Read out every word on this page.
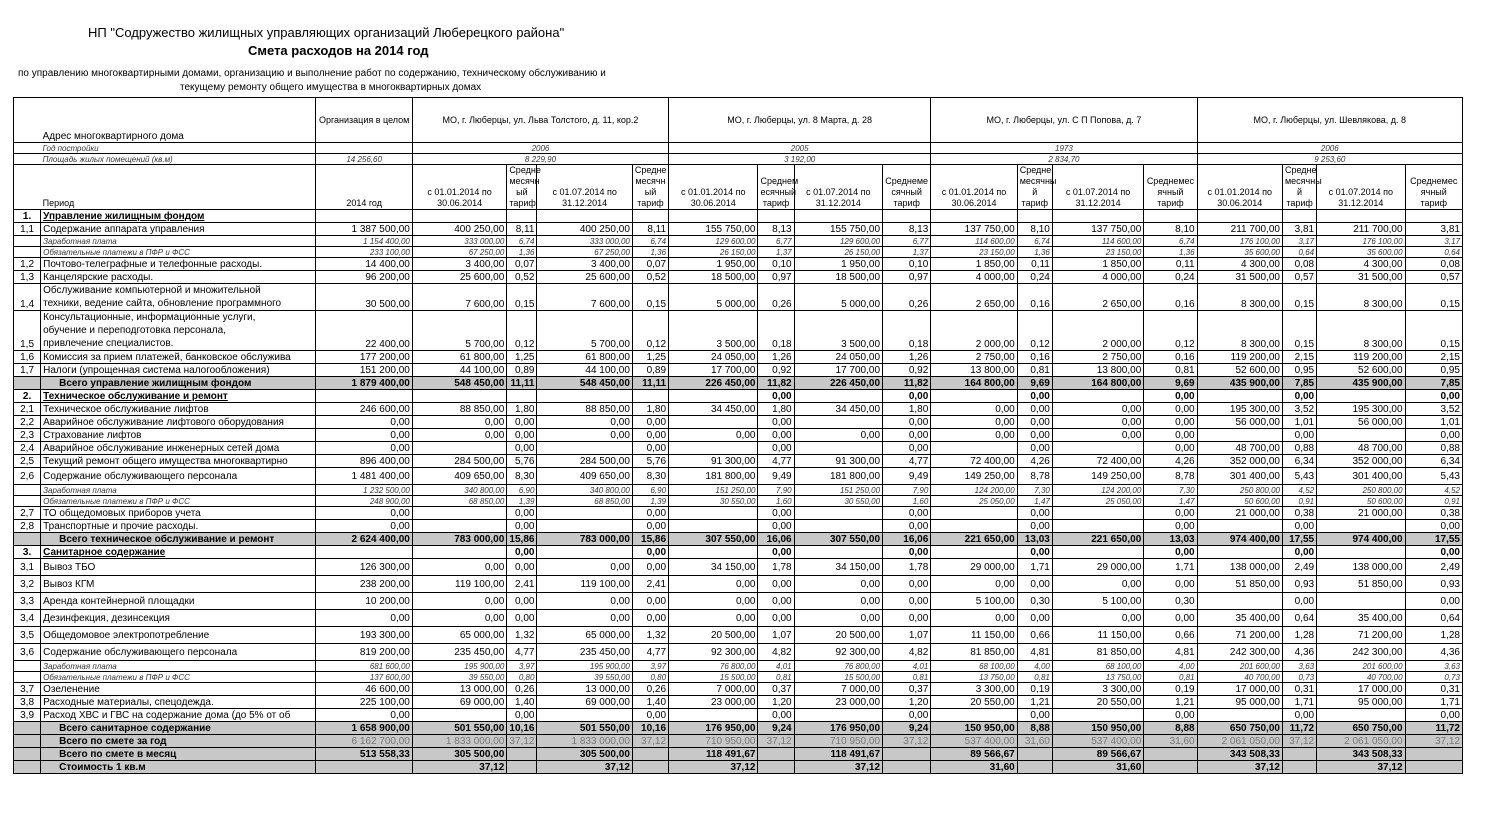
НП "Содружество жилищных управляющих организаций Люберецкого района"
Смета расходов на 2014 год
по управлению многоквартирными домами, организацию и выполнение работ по содержанию, техническому обслуживанию и
текущему ремонту общего имущества в многоквартирных домах
	Адрес многоквартирного дома	Организация в целом	МО, г. Люберцы, ул. Льва Толстого, д. 11, кор.2				МО, г. Люберцы, ул. 8 Марта, д. 28				МО, г. Люберцы, ул. С П Попова, д. 7				МО, г. Люберцы, ул. Шевлякова, д. 8			
	Год постройки		2006				2005				1973				2006			
	Площадь жилых помещений (кв.м)	14 256,60	8 229,90				3 192,00				2 834,70				9 253,60			
	Период	2014 год	с 01.01.2014 по 30.06.2014	Средне месячн ый тариф	с 01.07.2014 по 31.12.2014	Средне месячн ый тариф	с 01.01.2014 по 30.06.2014	Среднем есячный тариф	с 01.07.2014 по 31.12.2014	Среднеме сячный тариф	с 01.01.2014 по 30.06.2014	Средне месячны й тариф	с 01.07.2014 по 31.12.2014	Среднемес ячный тариф	с 01.01.2014 по 30.06.2014	Средне месячны й тариф	с 01.07.2014 по 31.12.2014	Среднемес ячный тариф
1.	Управление жилищным фондом																	
1,1	Содержание аппарата управления	1 387 500,00	400 250,00	8,11	400 250,00	8,11	155 750,00	8,13	155 750,00	8,13	137 750,00	8,10	137 750,00	8,10	211 700,00	3,81	211 700,00	3,81
	Заработная плата	1 154 400,00	333 000,00	6,74	333 000,00	6,74	129 600,00	6,77	129 600,00	6,77	114 600,00	6,74	114 600,00	6,74	176 100,00	3,17	176 100,00	3,17
	Обязательные платежи в ПФР и ФСС	233 100,00	67 250,00	1,36	67 250,00	1,36	26 150,00	1,37	26 150,00	1,37	23 150,00	1,36	23 150,00	1,36	35 600,00	0,64	35 600,00	0,64
1,2	Почтово-телеграфные и телефонные расходы.	14 400,00	3 400,00	0,07	3 400,00	0,07	1 950,00	0,10	1 950,00	0,10	1 850,00	0,11	1 850,00	0,11	4 300,00	0,08	4 300,00	0,08
1,3	Канцелярские расходы.	96 200,00	25 600,00	0,52	25 600,00	0,52	18 500,00	0,97	18 500,00	0,97	4 000,00	0,24	4 000,00	0,24	31 500,00	0,57	31 500,00	0,57
1,4	Обслуживание компьютерной и множительной
техники, ведение сайта, обновление программного	30 500,00	7 600,00	0,15	7 600,00	0,15	5 000,00	0,26	5 000,00	0,26	2 650,00	0,16	2 650,00	0,16	8 300,00	0,15	8 300,00	0,15
1,5	Консультационные, информационные услуги,
обучение и переподготовка персонала,
привлечение специалистов.	22 400,00	5 700,00	0,12	5 700,00	0,12	3 500,00	0,18	3 500,00	0,18	2 000,00	0,12	2 000,00	0,12	8 300,00	0,15	8 300,00	0,15
1,6	Комиссия за прием платежей, банковское обслужива	177 200,00	61 800,00	1,25	61 800,00	1,25	24 050,00	1,26	24 050,00	1,26	2 750,00	0,16	2 750,00	0,16	119 200,00	2,15	119 200,00	2,15
1,7	Налоги (упрощенная система налогообложения)	151 200,00	44 100,00	0,89	44 100,00	0,89	17 700,00	0,92	17 700,00	0,92	13 800,00	0,81	13 800,00	0,81	52 600,00	0,95	52 600,00	0,95
	Всего управление жилищным фондом	1 879 400,00	548 450,00	11,11	548 450,00	11,11	226 450,00	11,82	226 450,00	11,82	164 800,00	9,69	164 800,00	9,69	435 900,00	7,85	435 900,00	7,85
2.	Техническое обслуживание и ремонт							0,00		0,00		0,00		0,00		0,00		0,00
2,1	Техническое обслуживание лифтов	246 600,00	88 850,00	1,80	88 850,00	1,80	34 450,00	1,80	34 450,00	1,80	0,00	0,00	0,00	0,00	195 300,00	3,52	195 300,00	3,52
2,2	Аварийное обслуживание лифтового оборудования	0,00	0,00	0,00	0,00	0,00		0,00		0,00	0,00	0,00	0,00	0,00	56 000,00	1,01	56 000,00	1,01
2,3	Страхование лифтов	0,00	0,00	0,00	0,00	0,00	0,00	0,00	0,00	0,00	0,00	0,00	0,00	0,00		0,00		0,00
2,4	Аварийное обслуживание инженерных сетей дома	0,00		0,00		0,00		0,00		0,00		0,00		0,00	48 700,00	0,88	48 700,00	0,88
2,5	Текущий ремонт общего имущества многоквартирно	896 400,00	284 500,00	5,76	284 500,00	5,76	91 300,00	4,77	91 300,00	4,77	72 400,00	4,26	72 400,00	4,26	352 000,00	6,34	352 000,00	6,34
2,6	Содержание обслуживающего персонала	1 481 400,00	409 650,00	8,30	409 650,00	8,30	181 800,00	9,49	181 800,00	9,49	149 250,00	8,78	149 250,00	8,78	301 400,00	5,43	301 400,00	5,43
	Заработная плата	1 232 500,00	340 800,00	6,90	340 800,00	6,90	151 250,00	7,90	151 250,00	7,90	124 200,00	7,30	124 200,00	7,30	250 800,00	4,52	250 800,00	4,52
	Обязательные платежи в ПФР и ФСС	248 900,00	68 850,00	1,39	68 850,00	1,39	30 550,00	1,60	30 550,00	1,60	25 050,00	1,47	25 050,00	1,47	50 600,00	0,91	50 600,00	0,91
2,7	ТО общедомовых приборов учета	0,00		0,00		0,00		0,00		0,00		0,00		0,00	21 000,00	0,38	21 000,00	0,38
2,8	Транспортные и прочие расходы.	0,00		0,00		0,00		0,00		0,00		0,00		0,00		0,00		0,00
	Всего техническое обслуживание и ремонт	2 624 400,00	783 000,00	15,86	783 000,00	15,86	307 550,00	16,06	307 550,00	16,06	221 650,00	13,03	221 650,00	13,03	974 400,00	17,55	974 400,00	17,55
3.	Санитарное содержание			0,00		0,00		0,00		0,00		0,00		0,00		0,00		0,00
3,1	Вывоз ТБО	126 300,00	0,00	0,00	0,00	0,00	34 150,00	1,78	34 150,00	1,78	29 000,00	1,71	29 000,00	1,71	138 000,00	2,49	138 000,00	2,49
3,2	Вывоз КГМ	238 200,00	119 100,00	2,41	119 100,00	2,41	0,00	0,00	0,00	0,00	0,00	0,00	0,00	0,00	51 850,00	0,93	51 850,00	0,93
3,3	Аренда контейнерной площадки	10 200,00	0,00	0,00	0,00	0,00	0,00	0,00	0,00	0,00	5 100,00	0,30	5 100,00	0,30		0,00		0,00
3,4	Дезинфекция, дезинсекция	0,00	0,00	0,00	0,00	0,00	0,00	0,00	0,00	0,00	0,00	0,00	0,00	0,00	35 400,00	0,64	35 400,00	0,64
3,5	Общедомовое электропотребление	193 300,00	65 000,00	1,32	65 000,00	1,32	20 500,00	1,07	20 500,00	1,07	11 150,00	0,66	11 150,00	0,66	71 200,00	1,28	71 200,00	1,28
3,6	Содержание обслуживающего персонала	819 200,00	235 450,00	4,77	235 450,00	4,77	92 300,00	4,82	92 300,00	4,82	81 850,00	4,81	81 850,00	4,81	242 300,00	4,36	242 300,00	4,36
	Заработная плата	681 600,00	195 900,00	3,97	195 900,00	3,97	76 800,00	4,01	76 800,00	4,01	68 100,00	4,00	68 100,00	4,00	201 600,00	3,63	201 600,00	3,63
	Обязательные платежи в ПФР и ФСС	137 600,00	39 550,00	0,80	39 550,00	0,80	15 500,00	0,81	15 500,00	0,81	13 750,00	0,81	13 750,00	0,81	40 700,00	0,73	40 700,00	0,73
3,7	Озеленение	46 600,00	13 000,00	0,26	13 000,00	0,26	7 000,00	0,37	7 000,00	0,37	3 300,00	0,19	3 300,00	0,19	17 000,00	0,31	17 000,00	0,31
3,8	Расходные материалы, спецодежда.	225 100,00	69 000,00	1,40	69 000,00	1,40	23 000,00	1,20	23 000,00	1,20	20 550,00	1,21	20 550,00	1,21	95 000,00	1,71	95 000,00	1,71
3,9	Расход ХВС и ГВС на содержание дома (до 5% от об	0,00		0,00		0,00		0,00		0,00		0,00		0,00		0,00		0,00
	Всего санитарное содержание	1 658 900,00	501 550,00	10,16	501 550,00	10,16	176 950,00	9,24	176 950,00	9,24	150 950,00	8,88	150 950,00	8,88	650 750,00	11,72	650 750,00	11,72
	Всего по смете за год	6 162 700,00	1 833 000,00	37,12	1 833 000,00	37,12	710 950,00	37,12	710 950,00	37,12	537 400,00	31,60	537 400,00	31,60	2 061 050,00	37,12	2 061 050,00	37,12
	Всего по смете в месяц	513 558,33	305 500,00		305 500,00		118 491,67		118 491,67		89 566,67		89 566,67		343 508,33		343 508,33	
	Стоимость 1 кв.м		37,12		37,12		37,12		37,12		31,60		31,60		37,12		37,12	
